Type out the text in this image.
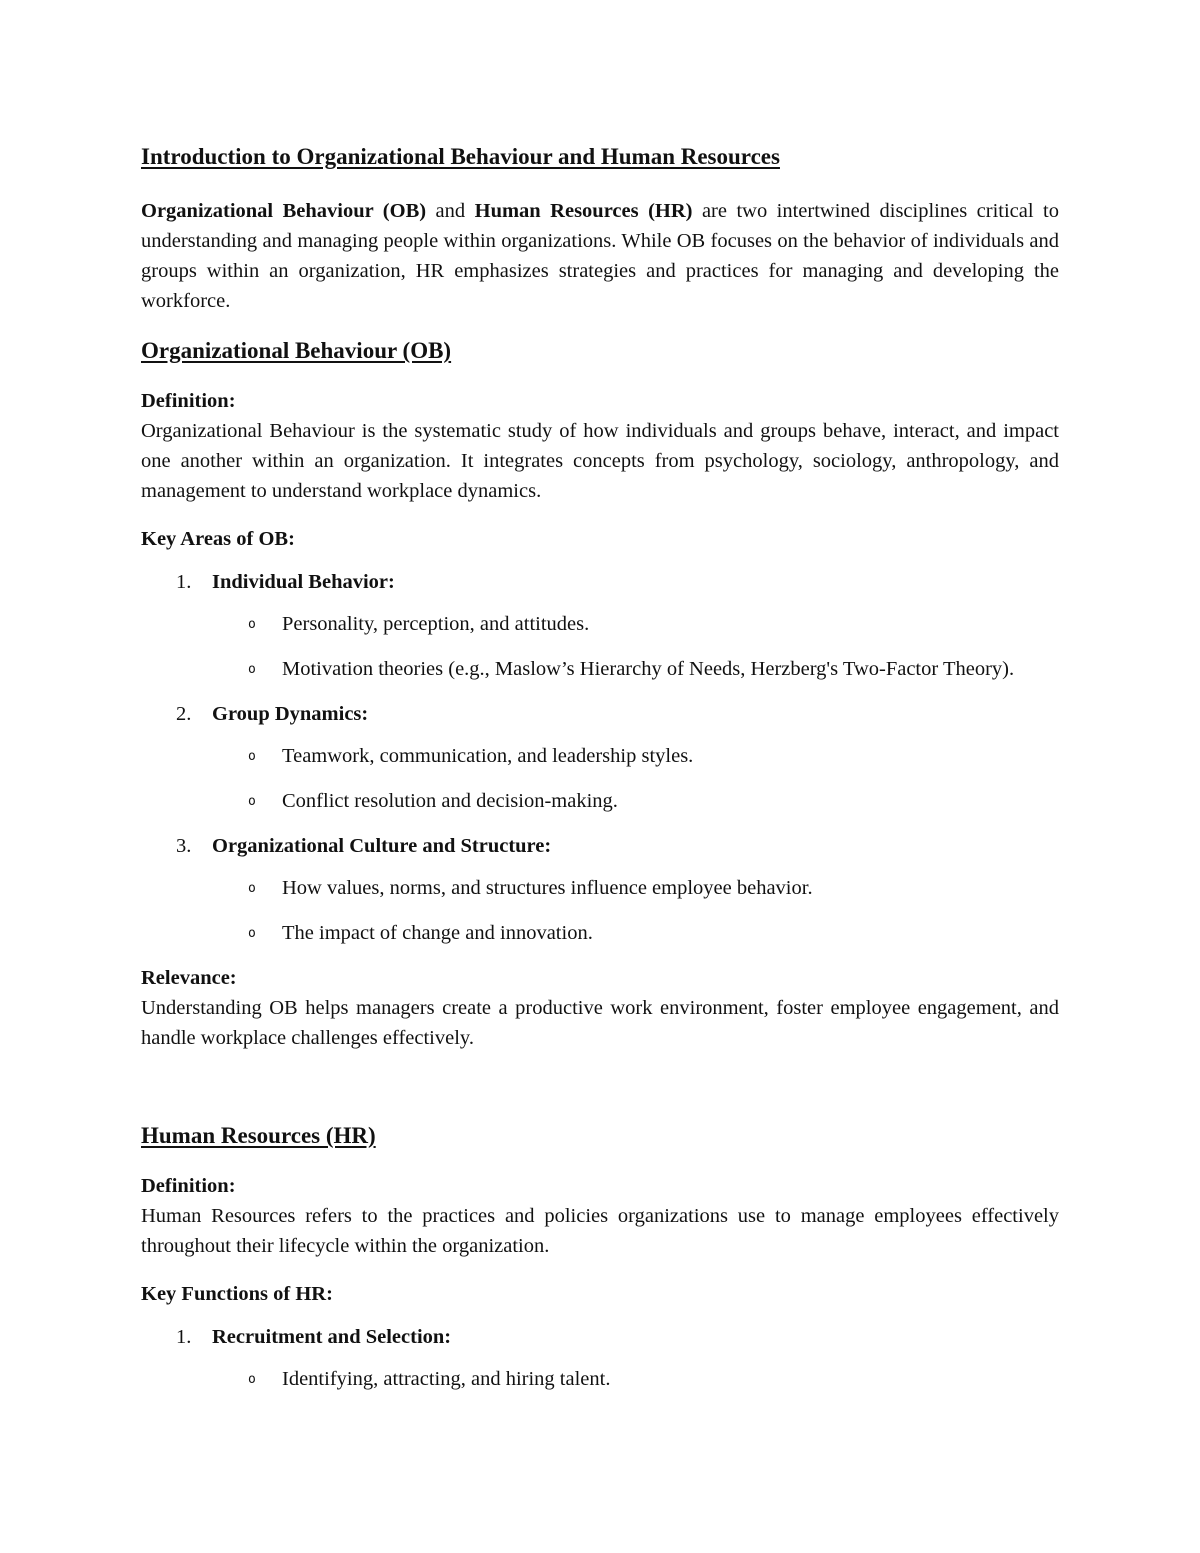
Introduction to Organizational Behaviour and Human Resources

Organizational Behaviour (OB) and Human Resources (HR) are two intertwined disciplines critical to understanding and managing people within organizations. While OB focuses on the behavior of individuals and groups within an organization, HR emphasizes strategies and practices for managing and developing the workforce.

Organizational Behaviour (OB)

Definition:
Organizational Behaviour is the systematic study of how individuals and groups behave, interact, and impact one another within an organization. It integrates concepts from psychology, sociology, anthropology, and management to understand workplace dynamics.

Key Areas of OB:
1. Individual Behavior:
o Personality, perception, and attitudes.
o Motivation theories (e.g., Maslow’s Hierarchy of Needs, Herzberg's Two-Factor Theory).
2. Group Dynamics:
o Teamwork, communication, and leadership styles.
o Conflict resolution and decision-making.
3. Organizational Culture and Structure:
o How values, norms, and structures influence employee behavior.
o The impact of change and innovation.

Relevance:
Understanding OB helps managers create a productive work environment, foster employee engagement, and handle workplace challenges effectively.

Human Resources (HR)

Definition:
Human Resources refers to the practices and policies organizations use to manage employees effectively throughout their lifecycle within the organization.

Key Functions of HR:
1. Recruitment and Selection:
o Identifying, attracting, and hiring talent.
